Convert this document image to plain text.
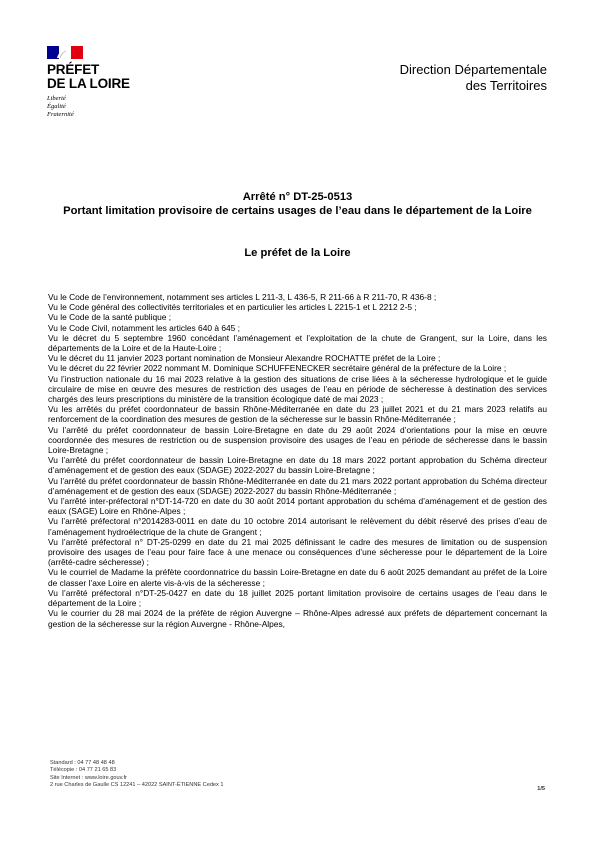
PRÉFET
DE LA LOIRE
Liberté
Égalité
Fraternité
Direction Départementale
des Territoires
Arrêté n° DT-25-0513
Portant limitation provisoire de certains usages de l’eau dans le département de la Loire
Le préfet de la Loire

Vu le Code de l’environnement, notamment ses articles L 211-3, L 436-5, R 211-66 à R 211-70, R 436-8 ;

Vu le Code général des collectivités territoriales et en particulier les articles L 2215-1 et L 2212 2-5 ;

Vu le Code de la santé publique ;

Vu le Code Civil, notamment les articles 640 à 645 ;

Vu le décret du 5 septembre 1960 concédant l’aménagement et l’exploitation de la chute de Grangent, sur la Loire, dans les départements de la Loire et de la Haute-Loire ;

Vu le décret du 11 janvier 2023 portant nomination de Monsieur Alexandre ROCHATTE préfet de la Loire ;

Vu le décret du 22 février 2022 nommant M. Dominique SCHUFFENECKER secrétaire général de la préfecture de la Loire ;

Vu l’instruction nationale du 16 mai 2023 relative à la gestion des situations de crise liées à la sécheresse hydrologique et le guide circulaire de mise en œuvre des mesures de restriction des usages de l’eau en période de sécheresse à destination des services chargés des leurs prescriptions du ministère de la transition écologique daté de mai 2023 ;

Vu les arrêtés du préfet coordonnateur de bassin Rhône-Méditerranée en date du 23 juillet 2021 et du 21 mars 2023 relatifs au renforcement de la coordination des mesures de gestion de la sécheresse sur le bassin Rhône-Méditerranée ;

Vu l’arrêté du préfet coordonnateur de bassin Loire-Bretagne en date du 29 août 2024 d’orientations pour la mise en œuvre coordonnée des mesures de restriction ou de suspension provisoire des usages de l’eau en période de sécheresse dans le bassin Loire-Bretagne ;

Vu l’arrêté du préfet coordonnateur de bassin Loire-Bretagne en date du 18 mars 2022 portant approbation du Schéma directeur d’aménagement et de gestion des eaux (SDAGE) 2022-2027 du bassin Loire-Bretagne ;

Vu l’arrêté du préfet coordonnateur de bassin Rhône-Méditerranée en date du 21 mars 2022 portant approbation du Schéma directeur d’aménagement et de gestion des eaux (SDAGE) 2022-2027 du bassin Rhône-Méditerranée ;

Vu l’arrêté inter-préfectoral n°DT-14-720 en date du 30 août 2014 portant approbation du schéma d’aménagement et de gestion des eaux (SAGE) Loire en Rhône-Alpes ;

Vu l’arrêté préfectoral n°2014283-0011 en date du 10 octobre 2014 autorisant le relèvement du débit réservé des prises d’eau de l’aménagement hydroélectrique de la chute de Grangent ;

Vu l’arrêté préfectoral n° DT-25-0299 en date du 21 mai 2025 définissant le cadre des mesures de limitation ou de suspension provisoire des usages de l’eau pour faire face à une menace ou conséquences d’une sécheresse pour le département de la Loire (arrêté-cadre sécheresse) ;

Vu le courriel de Madame la préfète coordonnatrice du bassin Loire-Bretagne en date du 6 août 2025 demandant au préfet de la Loire de classer l’axe Loire en alerte vis-à-vis de la sécheresse ;

Vu l’arrêté préfectoral n°DT-25-0427 en date du 18 juillet 2025 portant limitation provisoire de certains usages de l’eau dans le département de la Loire ;

Vu le courrier du 28 mai 2024 de la préfète de région Auvergne – Rhône-Alpes adressé aux préfets de département concernant la gestion de la sécheresse sur la région Auvergne - Rhône-Alpes,

Standard : 04 77 48 48 48
Télécopie : 04 77 21 65 83
Site Internet : www.loire.gouv.fr
2 rue Charles de Gaulle CS 12241 – 42022 SAINT-ÉTIENNE Cedex 1
1/5
